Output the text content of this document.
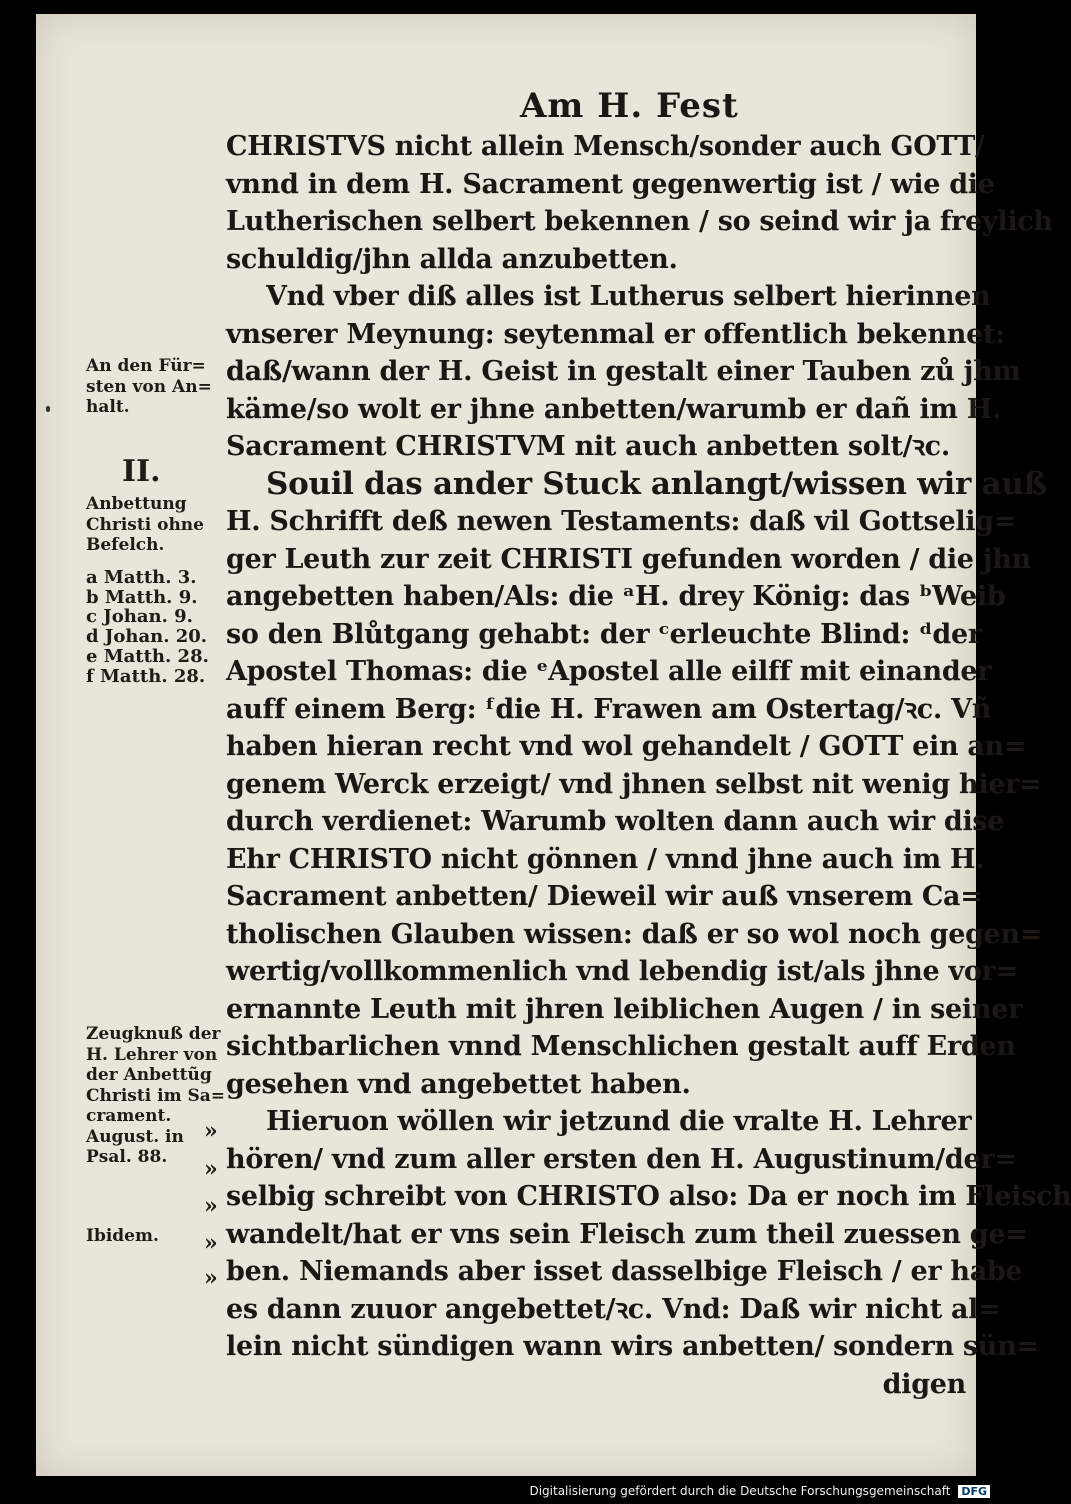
Am H. Fest
CHRISTVS nicht allein Mensch/sonder auch GOTT/
vnnd in dem H. Sacrament gegenwertig ist / wie die
Lutherischen selbert bekennen / so seind wir ja freylich
schuldig/jhn allda anzubetten.
Vnd vber diß alles ist Lutherus selbert hierinnen
vnserer Meynung: seytenmal er offentlich bekennet:
daß/wann der H. Geist in gestalt einer Tauben zů jhm
käme/so wolt er jhne anbetten/warumb er dañ im H.
Sacrament CHRISTVM nit auch anbetten solt/ꝛc.
Souil das ander Stuck anlangt/wissen wir auß
H. Schrifft deß newen Testaments: daß vil Gottselig=
ger Leuth zur zeit CHRISTI gefunden worden / die jhn
angebetten haben/Als: die ᵃH. drey König: das ᵇWeib
so den Blůtgang gehabt: der ᶜerleuchte Blind: ᵈder
Apostel Thomas: die ᵉApostel alle eilff mit einander
auff einem Berg: ᶠdie H. Frawen am Ostertag/ꝛc. Vñ
haben hieran recht vnd wol gehandelt / GOTT ein an=
genem Werck erzeigt/ vnd jhnen selbst nit wenig hier=
durch verdienet: Warumb wolten dann auch wir dise
Ehr CHRISTO nicht gönnen / vnnd jhne auch im H.
Sacrament anbetten/ Dieweil wir auß vnserem Ca=
tholischen Glauben wissen: daß er so wol noch gegen=
wertig/vollkommenlich vnd lebendig ist/als jhne vor=
ernannte Leuth mit jhren leiblichen Augen / in seiner
sichtbarlichen vnnd Menschlichen gestalt auff Erden
gesehen vnd angebettet haben.
Hieruon wöllen wir jetzund die vralte H. Lehrer
hören/ vnd zum aller ersten den H. Augustinum/der=
selbig schreibt von CHRISTO also: Da er noch im Fleisch
wandelt/hat er vns sein Fleisch zum theil zuessen ge=
ben. Niemands aber isset dasselbige Fleisch / er habe
es dann zuuor angebettet/ꝛc. Vnd: Daß wir nicht al=
lein nicht sündigen wann wirs anbetten/ sondern sün=
digen
An den Für=
sten von An=
halt.
II.
Anbettung
Christi ohne
Befelch.
a Matth. 3.
b Matth. 9.
c Johan. 9.
d Johan. 20.
e Matth. 28.
f Matth. 28.
Zeugknuß der
H. Lehrer von
der Anbettũg
Christi im Sa=
crament.
August. in
Psal. 88.
Ibidem.
»
»
»
»
»
Digitalisierung gefördert durch die Deutsche Forschungsgemeinschaft DFG
